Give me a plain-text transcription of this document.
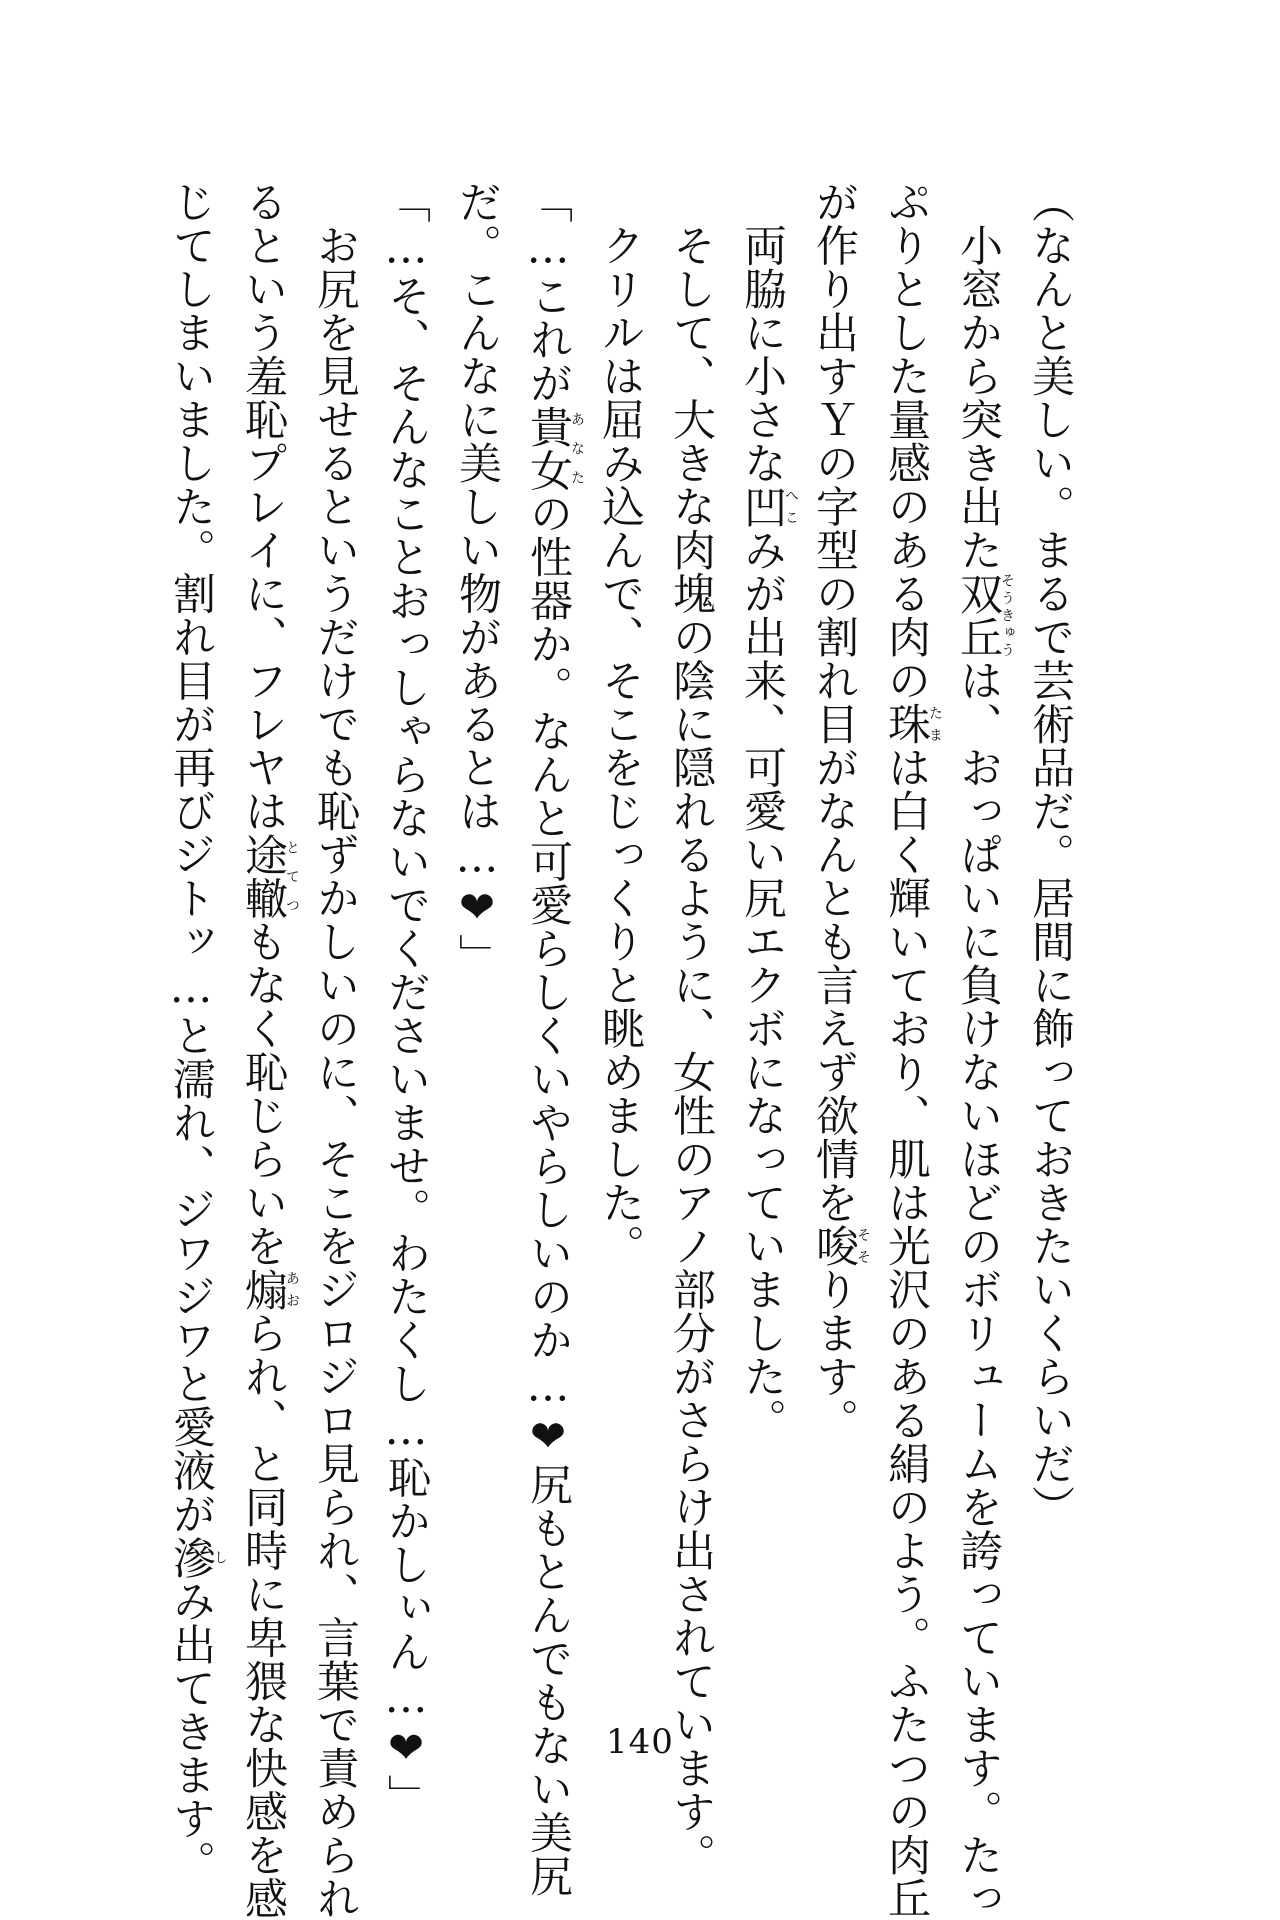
（なんと美しい。まるで芸術品だ。居間に飾っておきたいくらいだ）

　小窓から突き出た双丘そうきゅうは、おっぱいに負けないほどのボリュームを誇っています。たっ

ぷりとした量感のある肉の珠たまは白く輝いており、肌は光沢のある絹のよう。ふたつの肉丘

が作り出すＹの字型の割れ目がなんとも言えず欲情を唆そそります。

　両脇に小さな凹へこみが出来、可愛い尻エクボになっていました。

　そして、大きな肉塊の陰に隠れるように、女性のアノ部分がさらけ出されています。

　クリルは屈み込んで、そこをじっくりと眺めました。

「…これが貴女あなたの性器か。なんと可愛らしくいやらしいのか…❤尻もとんでもない美尻

だ。こんなに美しい物があるとは…❤」

「…そ、そんなことおっしゃらないでくださいませ。わたくし…恥かしぃん…❤」

　お尻を見せるというだけでも恥ずかしいのに、そこをジロジロ見られ、言葉で責められ

るという羞恥プレイに、フレヤは途轍とてつもなく恥じらいを煽あおられ、と同時に卑猥な快感を感

じてしまいました。割れ目が再びジトッ…と濡れ、ジワジワと愛液が滲しみ出てきます。	140
